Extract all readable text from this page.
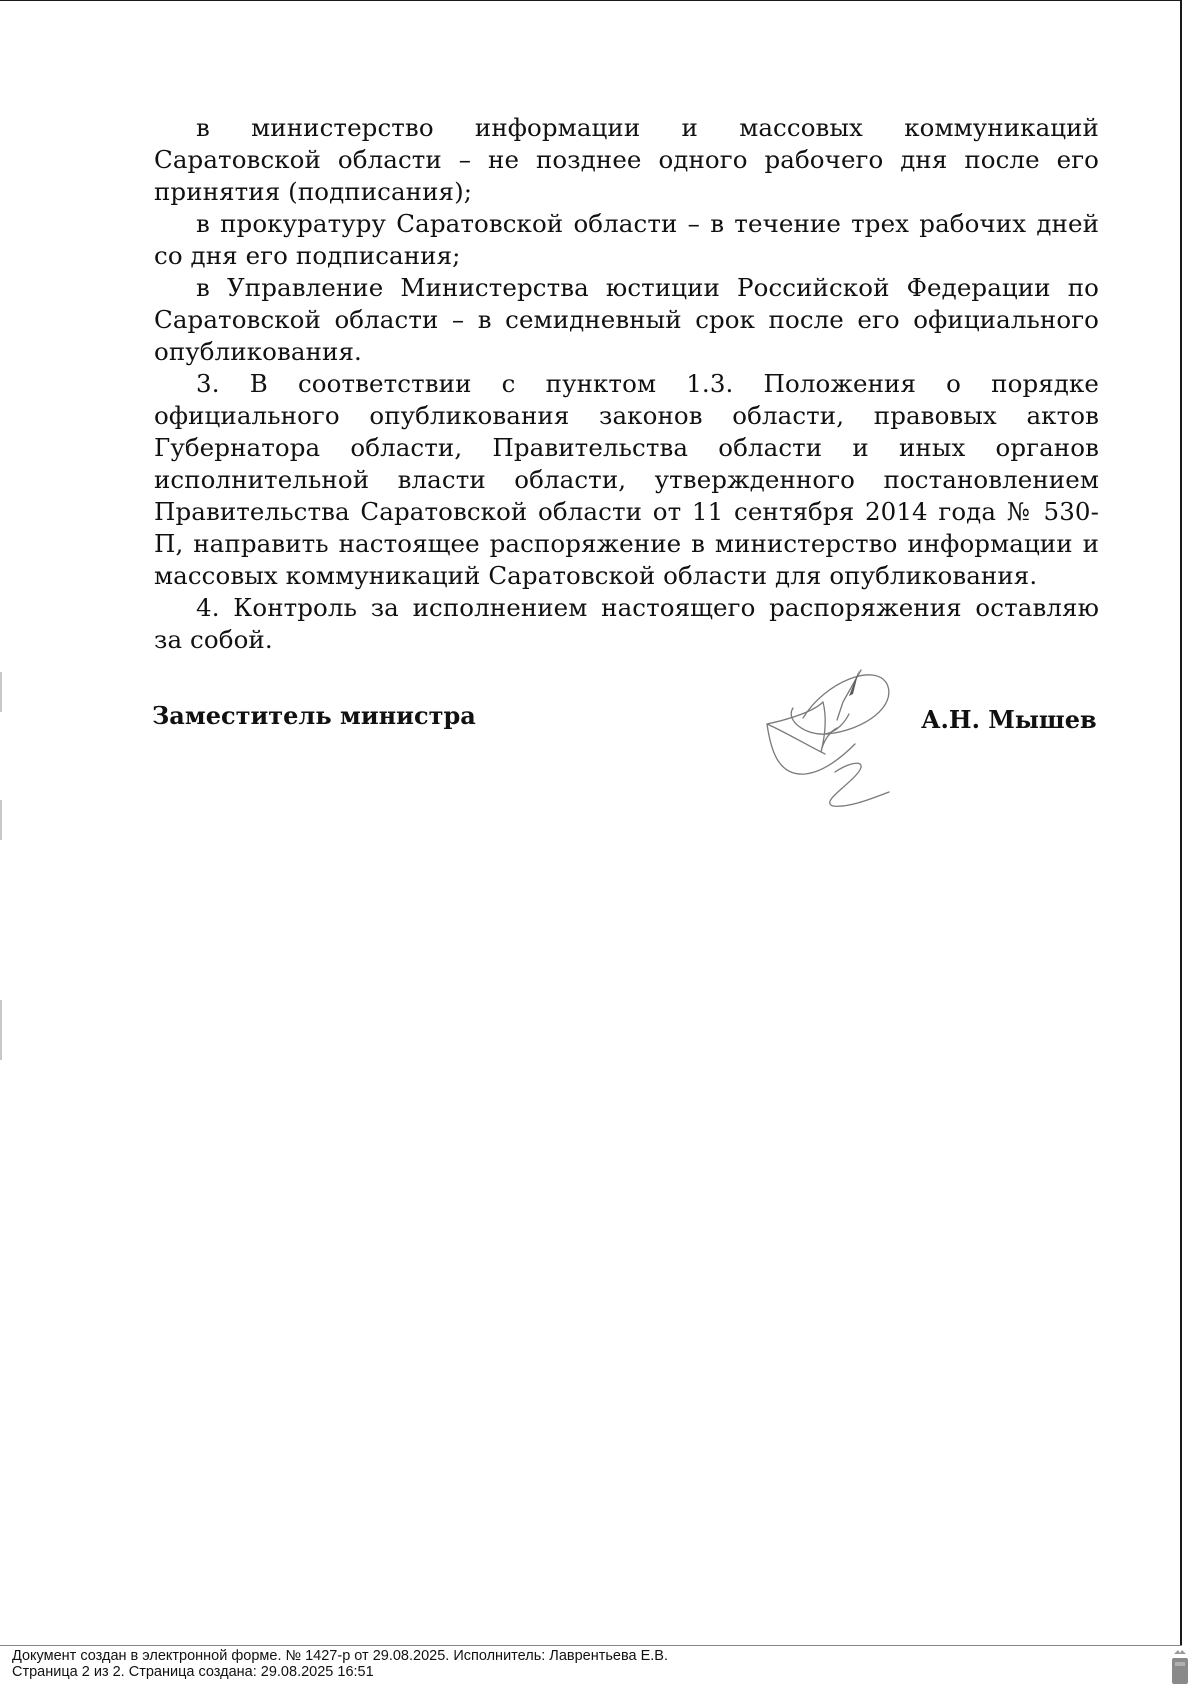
в министерство информации и массовых коммуникаций Саратовской области – не позднее одного рабочего дня после его принятия (подписания);

в прокуратуру Саратовской области – в течение трех рабочих дней со дня его подписания;

в Управление Министерства юстиции Российской Федерации по Саратовской области – в семидневный срок после его официального опубликования.

3. В соответствии с пунктом 1.3. Положения о порядке официального опубликования законов области, правовых актов Губернатора области, Правительства области и иных органов исполнительной власти области, утвержденного постановлением Правительства Саратовской области от 11 сентября 2014 года № 530-П, направить настоящее распоряжение в министерство информации и массовых коммуникаций Саратовской области для опубликования.

4. Контроль за исполнением настоящего распоряжения оставляю за собой.

Заместитель министра	А.Н. Мышев
Документ создан в электронной форме. № 1427-р от 29.08.2025. Исполнитель: Лаврентьева Е.В.
Страница 2 из 2. Страница создана: 29.08.2025 16:51
